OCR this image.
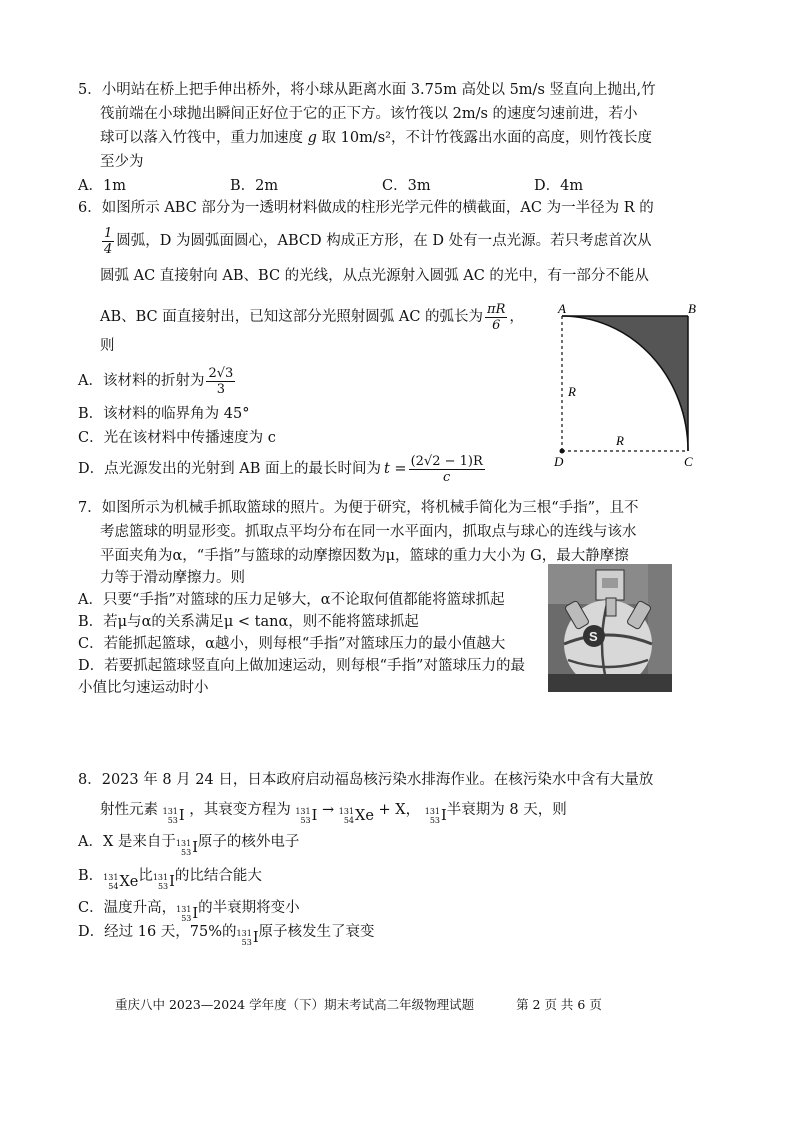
5．小明站在桥上把手伸出桥外，将小球从距离水面 3.75m 高处以 5m/s 竖直向上抛出,竹
筏前端在小球抛出瞬间正好位于它的正下方。该竹筏以 2m/s 的速度匀速前进，若小
球可以落入竹筏中，重力加速度 g 取 10m/s²，不计竹筏露出水面的高度，则竹筏长度
至少为
A．1m	B．2m	C．3m	D．4m
6．如图所示 ABC 部分为一透明材料做成的柱形光学元件的横截面，AC 为一半径为 R 的
$\frac{1}{4}$ 圆弧，D 为圆弧面圆心，ABCD 构成正方形，在 D 处有一点光源。若只考虑首次从
圆弧 AC 直接射向 AB、BC 的光线，从点光源射入圆弧 AC 的光中，有一部分不能从
AB、BC 面直接射出，已知这部分光照射圆弧 AC 的弧长为 $\frac{\pi R}{6}$ ，
则
A．该材料的折射为 $\frac{2√3}{3}$
B．该材料的临界角为 45°
C．光在该材料中传播速度为 c
D．点光源发出的光射到 AB 面上的最长时间为 $t = \frac{(2√2 - 1)R}{c}$
A	B
R
R
D	C
7．如图所示为机械手抓取篮球的照片。为便于研究，将机械手简化为三根“手指”，且不
考虑篮球的明显形变。抓取点平均分布在同一水平面内，抓取点与球心的连线与该水
平面夹角为α，“手指”与篮球的动摩擦因数为μ，篮球的重力大小为 G，最大静摩擦
力等于滑动摩擦力。则
A．只要“手指”对篮球的压力足够大，α不论取何值都能将篮球抓起
B．若μ与α的关系满足μ < tanα，则不能将篮球抓起
C．若能抓起篮球，α越小，则每根“手指”对篮球压力的最小值越大
D．若要抓起篮球竖直向上做加速运动，则每根“手指”对篮球压力的最
小值比匀速运动时小
S
8．2023 年 8 月 24 日，日本政府启动福岛核污染水排海作业。在核污染水中含有大量放
射性元素 131
53 I ，其衰变方程为 131
53 I → 131
54 Xe + X， 131
53 I 半衰期为 8 天，则
A．X 是来自于 131
53 I 原子的核外电子
B． 131
54 Xe 比 131
53 I 的比结合能大
C．温度升高， 131
53 I 的半衰期将变小
D．经过 16 天，75%的 131
53 I 原子核发生了衰变
重庆八中 2023—2024 学年度（下）期末考试高二年级物理试题	第 2 页 共 6 页
